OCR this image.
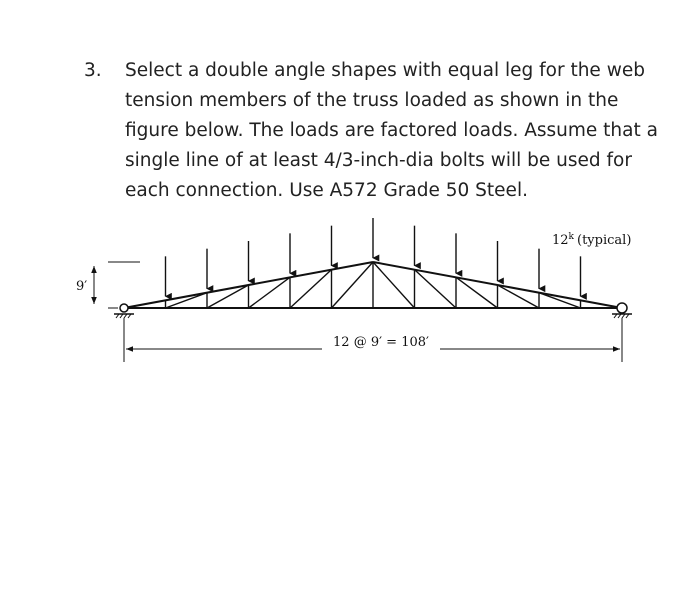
3. Select a double angle shapes with equal leg for the web
tension members of the truss loaded as shown in the
figure below. The loads are factored loads. Assume that a
single line of at least 4/3-inch-dia bolts will be used for
each connection. Use A572 Grade 50 Steel.
9′
12 @ 9′ = 108′
12$^k$ (typical)
